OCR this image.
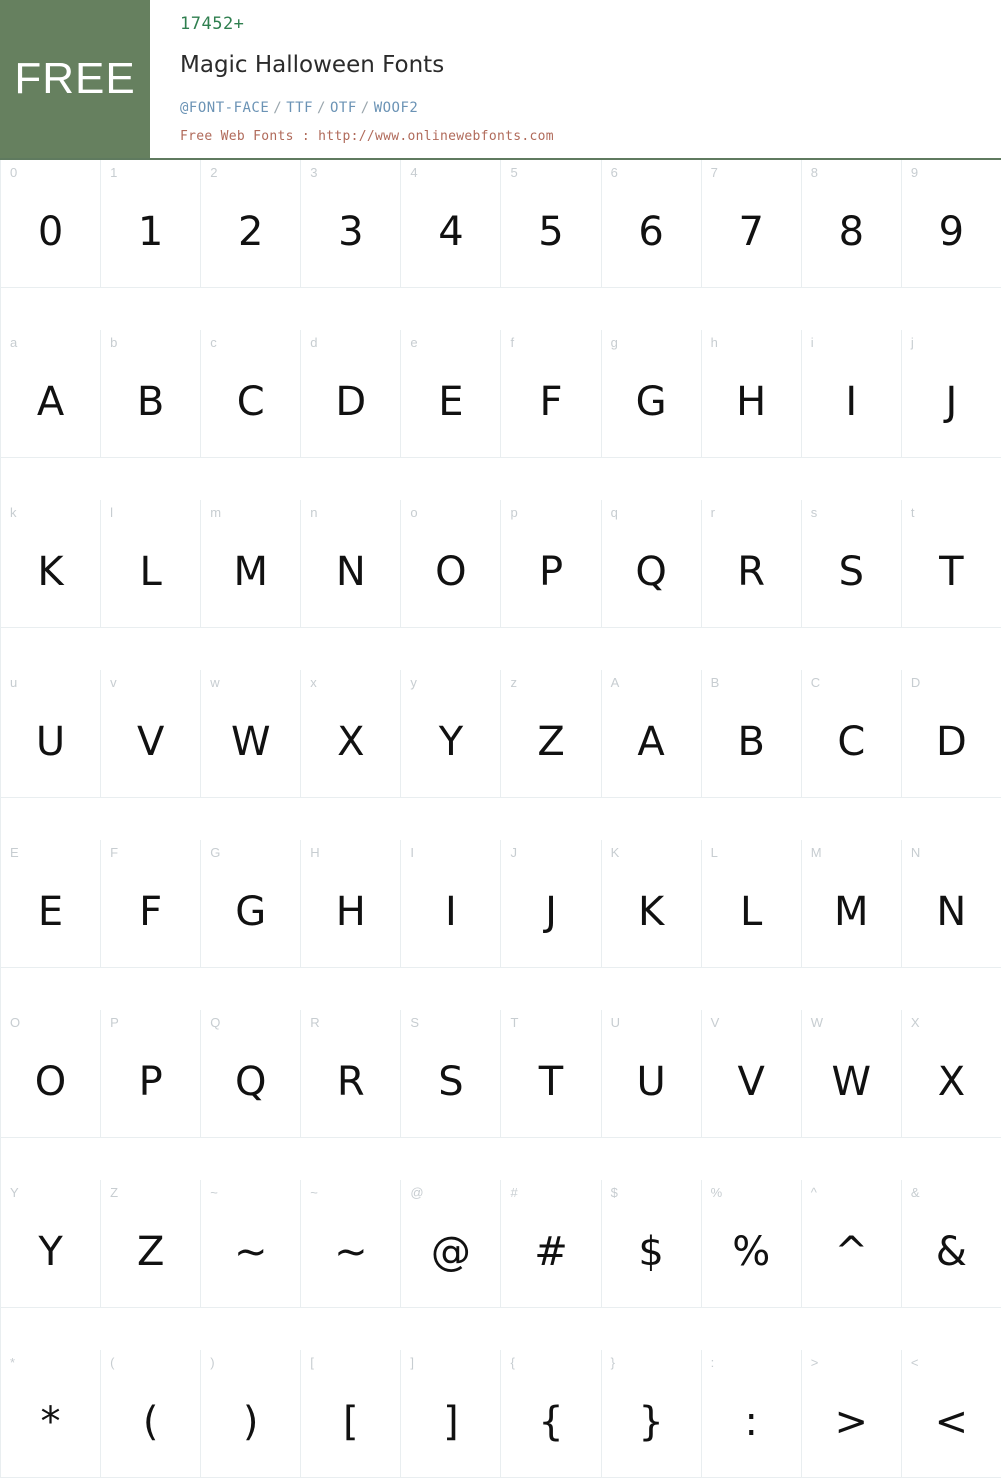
FREE
17452+
Magic Halloween Fonts
@FONT-FACE / TTF / OTF / WOOF2
Free Web Fonts : http://www.onlinewebfonts.com
0
0
1
1
2
2
3
3
4
4
5
5
6
6
7
7
8
8
9
9
a
A
b
B
c
C
d
D
e
E
f
F
g
G
h
H
i
I
j
J
k
K
l
L
m
M
n
N
o
O
p
P
q
Q
r
R
s
S
t
T
u
U
v
V
w
W
x
X
y
Y
z
Z
A
A
B
B
C
C
D
D
E
E
F
F
G
G
H
H
I
I
J
J
K
K
L
L
M
M
N
N
O
O
P
P
Q
Q
R
R
S
S
T
T
U
U
V
V
W
W
X
X
Y
Y
Z
Z
~
~
~
~
@
@
#
#
$
$
%
%
^
^
&
&
*
*
(
(
)
)
[
[
]
]
{
{
}
}
:
:
>
>
<
<
